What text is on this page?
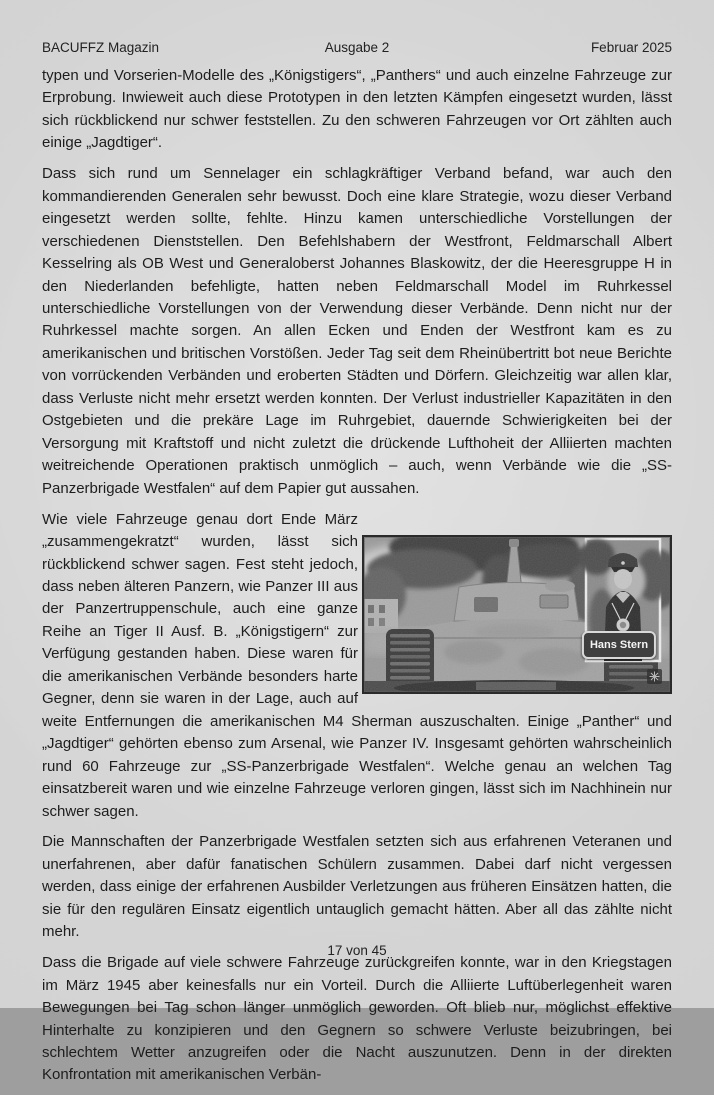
BACUFFZ Magazin	Ausgabe 2	Februar 2025

typen und Vorserien-Modelle des „Königstigers“, „Panthers“ und auch einzelne Fahrzeuge zur Erprobung. Inwieweit auch diese Prototypen in den letzten Kämpfen eingesetzt wurden, lässt sich rückblickend nur schwer feststellen. Zu den schweren Fahrzeugen vor Ort zählten auch einige „Jagdtiger“.

Dass sich rund um Sennelager ein schlagkräftiger Verband befand, war auch den kommandierenden Generalen sehr bewusst. Doch eine klare Strategie, wozu dieser Verband eingesetzt werden sollte, fehlte. Hinzu kamen unterschiedliche Vorstellungen der verschiedenen Dienststellen. Den Befehlshabern der Westfront, Feldmarschall Albert Kesselring als OB West und Generaloberst Johannes Blaskowitz, der die Heeresgruppe H in den Niederlanden befehligte, hatten neben Feldmarschall Model im Ruhrkessel unterschiedliche Vorstellungen von der Verwendung dieser Verbände. Denn nicht nur der Ruhrkessel machte sorgen. An allen Ecken und Enden der Westfront kam es zu amerikanischen und britischen Vorstößen. Jeder Tag seit dem Rheinübertritt bot neue Berichte von vorrückenden Verbänden und eroberten Städten und Dörfern. Gleichzeitig war allen klar, dass Verluste nicht mehr ersetzt werden konnten. Der Verlust industrieller Kapazitäten in den Ostgebieten und die prekäre Lage im Ruhrgebiet, dauernde Schwierigkeiten bei der Versorgung mit Kraftstoff und nicht zuletzt die drückende Lufthoheit der Alliierten machten weitreichende Operationen praktisch unmöglich – auch, wenn Verbände wie die „SS-Panzerbrigade Westfalen“ auf dem Papier gut aussahen.

Hans Stern
Wie viele Fahrzeuge genau dort Ende März „zusammengekratzt“ wurden, lässt sich rückblickend schwer sagen. Fest steht jedoch, dass neben älteren Panzern, wie Panzer III aus der Panzertruppenschule, auch eine ganze Reihe an Tiger II Ausf. B. „Königstigern“ zur Verfügung gestanden haben. Diese waren für die amerikanischen Verbände besonders harte Gegner, denn sie waren in der Lage, auch auf weite Entfernungen die amerikanischen M4 Sherman auszuschalten. Einige „Panther“ und „Jagdtiger“ gehörten ebenso zum Arsenal, wie Panzer IV. Insgesamt gehörten wahrscheinlich rund 60 Fahrzeuge zur „SS-Panzerbrigade Westfalen“. Welche genau an welchen Tag einsatzbereit waren und wie einzelne Fahrzeuge verloren gingen, lässt sich im Nachhinein nur schwer sagen.

Die Mannschaften der Panzerbrigade Westfalen setzten sich aus erfahrenen Veteranen und unerfahrenen, aber dafür fanatischen Schülern zusammen. Dabei darf nicht vergessen werden, dass einige der erfahrenen Ausbilder Verletzungen aus früheren Einsätzen hatten, die sie für den regulären Einsatz eigentlich untauglich gemacht hätten. Aber all das zählte nicht mehr.

Dass die Brigade auf viele schwere Fahrzeuge zurückgreifen konnte, war in den Kriegstagen im März 1945 aber keinesfalls nur ein Vorteil. Durch die Alliierte Luftüberlegenheit waren Bewegungen bei Tag schon länger unmöglich geworden. Oft blieb nur, möglichst effektive Hinterhalte zu konzipieren und den Gegnern so schwere Verluste beizubringen, bei schlechtem Wetter anzugreifen oder die Nacht auszunutzen. Denn in der direkten Konfrontation mit amerikanischen Verbän-

17 von 45
